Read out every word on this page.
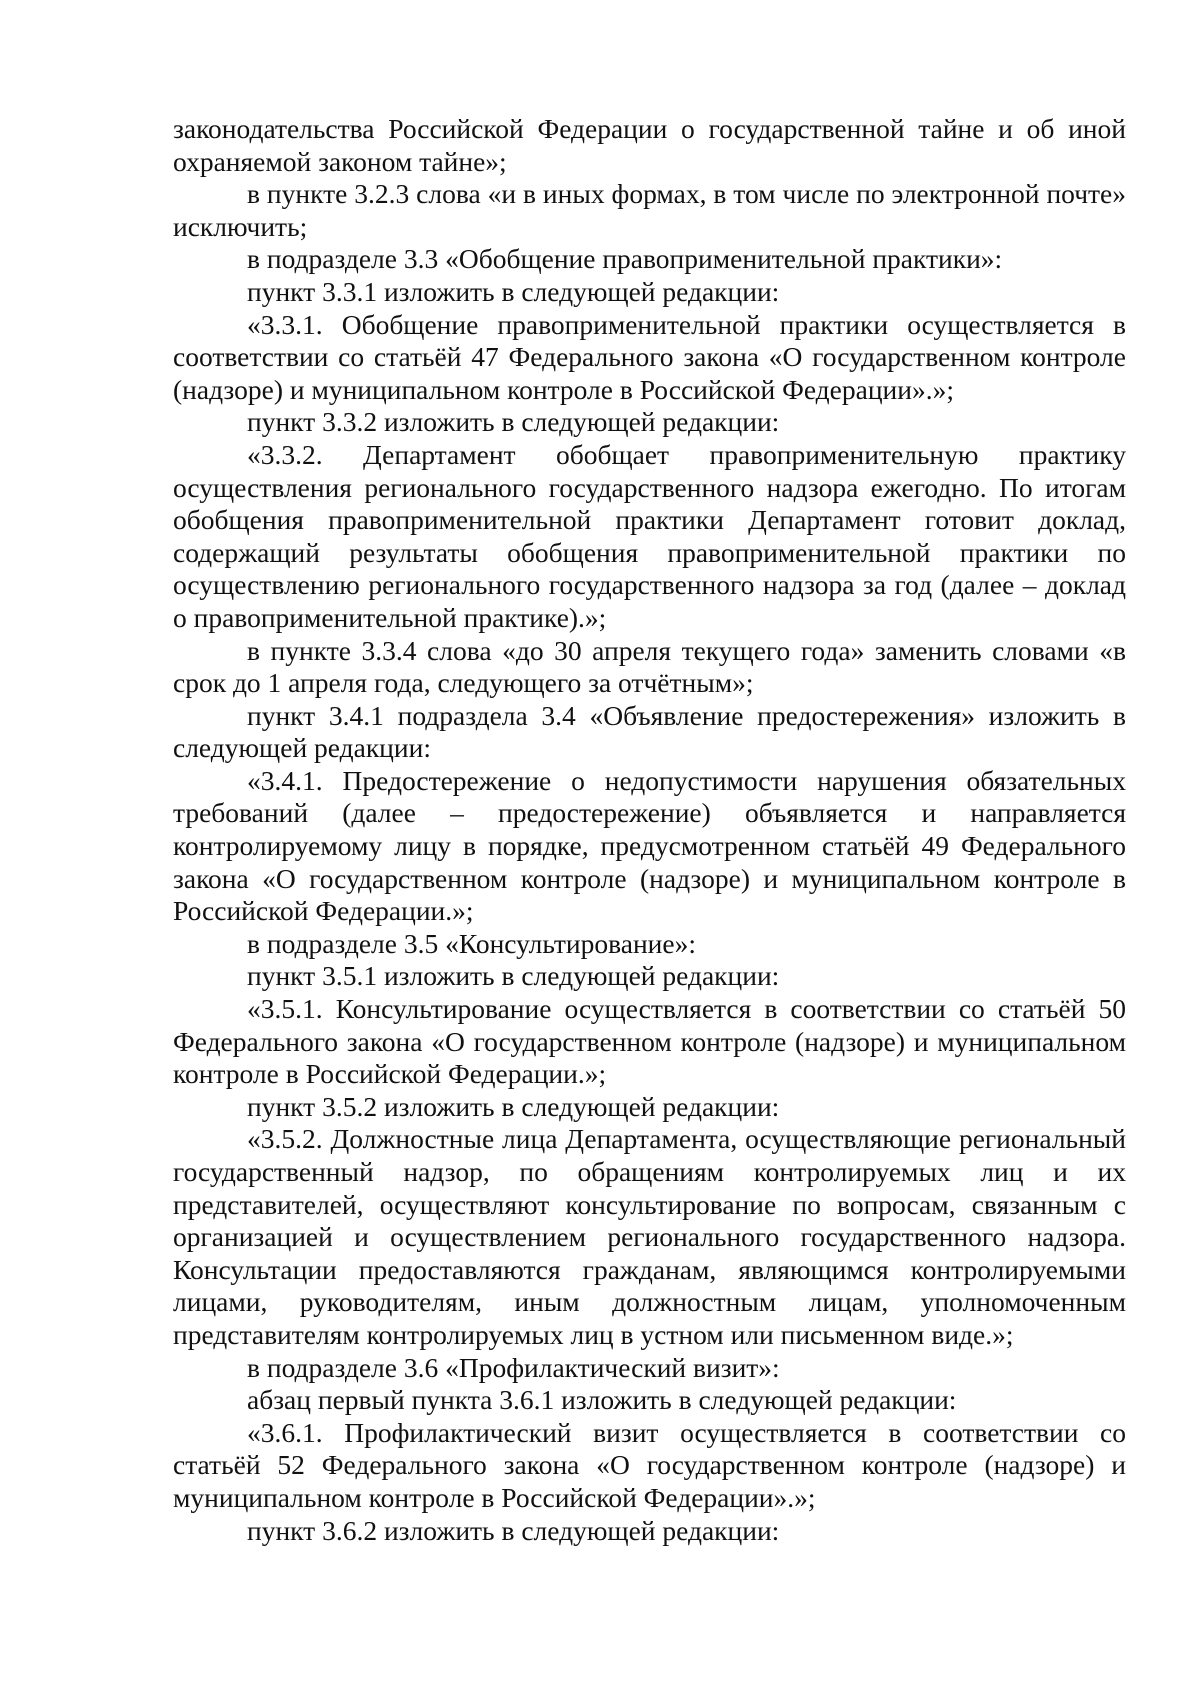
законодательства Российской Федерации о государственной тайне и об иной охраняемой законом тайне»;

в пункте 3.2.3 слова «и в иных формах, в том числе по электронной почте» исключить;

в подразделе 3.3 «Обобщение правоприменительной практики»:

пункт 3.3.1 изложить в следующей редакции:

«3.3.1. Обобщение правоприменительной практики осуществляется в соответствии со статьёй 47 Федерального закона «О государственном контроле (надзоре) и муниципальном контроле в Российской Федерации».»;

пункт 3.3.2 изложить в следующей редакции:

«3.3.2. Департамент обобщает правоприменительную практику осуществления регионального государственного надзора ежегодно. По итогам обобщения правоприменительной практики Департамент готовит доклад, содержащий результаты обобщения правоприменительной практики по осуществлению регионального государственного надзора за год (далее – доклад о правоприменительной практике).»;

в пункте 3.3.4 слова «до 30 апреля текущего года» заменить словами «в срок до 1 апреля года, следующего за отчётным»;

пункт 3.4.1 подраздела 3.4 «Объявление предостережения» изложить в следующей редакции:

«3.4.1. Предостережение о недопустимости нарушения обязательных требований (далее – предостережение) объявляется и направляется контролируемому лицу в порядке, предусмотренном статьёй 49 Федерального закона «О государственном контроле (надзоре) и муниципальном контроле в Российской Федерации.»;

в подразделе 3.5 «Консультирование»:

пункт 3.5.1 изложить в следующей редакции:

«3.5.1. Консультирование осуществляется в соответствии со статьёй 50 Федерального закона «О государственном контроле (надзоре) и муниципальном контроле в Российской Федерации.»;

пункт 3.5.2 изложить в следующей редакции:

«3.5.2. Должностные лица Департамента, осуществляющие региональный государственный надзор, по обращениям контролируемых лиц и их представителей, осуществляют консультирование по вопросам, связанным с организацией и осуществлением регионального государственного надзора. Консультации предоставляются гражданам, являющимся контролируемыми лицами, руководителям, иным должностным лицам, уполномоченным представителям контролируемых лиц в устном или письменном виде.»;

в подразделе 3.6 «Профилактический визит»:

абзац первый пункта 3.6.1 изложить в следующей редакции:

«3.6.1. Профилактический визит осуществляется в соответствии со статьёй 52 Федерального закона «О государственном контроле (надзоре) и муниципальном контроле в Российской Федерации».»;

пункт 3.6.2 изложить в следующей редакции:
